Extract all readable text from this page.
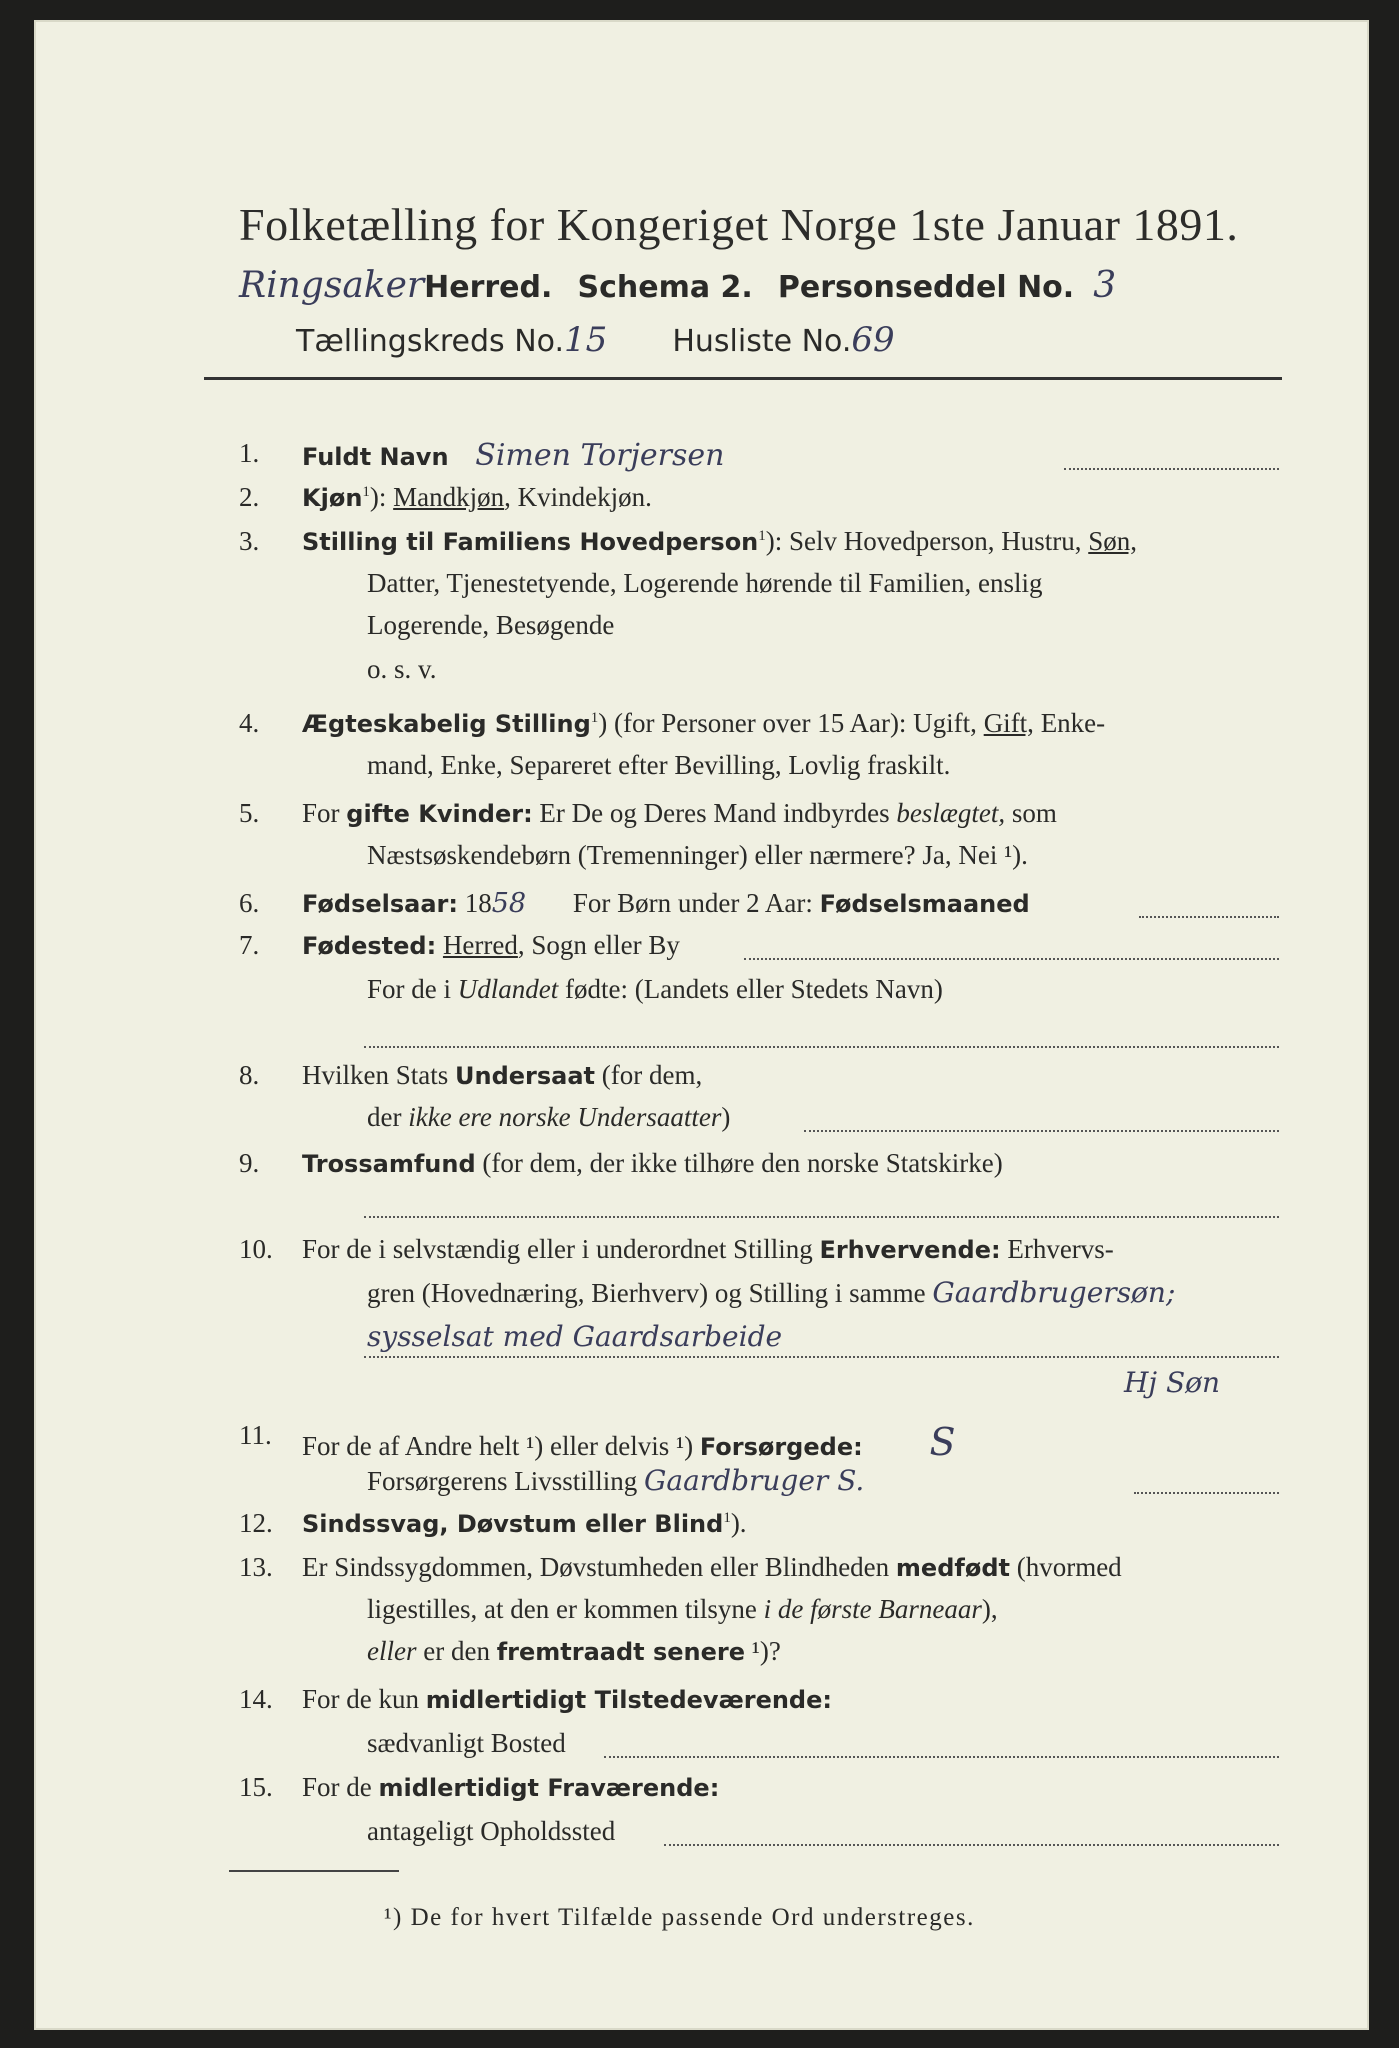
Folketælling for Kongeriget Norge 1ste Januar 1891.
RingsakerHerred. Schema 2. Personseddel No. 3
Tællingskreds No.15 Husliste No.69
1.	Fuldt Navn Simen Torjersen
2.	Kjøn$^1$): Mandkjøn, Kvindekjøn.
3.	Stilling til Familiens Hovedperson$^1$): Selv Hovedperson, Hustru, Søn,
Datter, Tjenestetyende, Logerende hørende til Familien, enslig
Logerende, Besøgende
o. s. v.
4.	Ægteskabelig Stilling$^1$) (for Personer over 15 Aar): Ugift, Gift, Enke-
mand, Enke, Separeret efter Bevilling, Lovlig fraskilt.
5.	For gifte Kvinder: Er De og Deres Mand indbyrdes beslægtet, som
Næstsøskendebørn (Tremenninger) eller nærmere? Ja, Nei ¹).
6.	Fødselsaar: 1858 For Børn under 2 Aar: Fødselsmaaned
7.	Fødested: Herred, Sogn eller By
For de i Udlandet fødte: (Landets eller Stedets Navn)
8.	Hvilken Stats Undersaat (for dem,
der ikke ere norske Undersaatter)
9.	Trossamfund (for dem, der ikke tilhøre den norske Statskirke)
10.	For de i selvstændig eller i underordnet Stilling Erhvervende: Erhvervs-
gren (Hovednæring, Bierhverv) og Stilling i samme Gaardbrugersøn;
sysselsat med Gaardsarbeide
Hj Søn
11.	For de af Andre helt ¹) eller delvis ¹) Forsørgede: S
Forsørgerens Livsstilling Gaardbruger S.
12.	Sindssvag, Døvstum eller Blind$^1$).
13.	Er Sindssygdommen, Døvstumheden eller Blindheden medfødt (hvormed
ligestilles, at den er kommen tilsyne i de første Barneaar),
eller er den fremtraadt senere ¹)?
14.	For de kun midlertidigt Tilstedeværende:
sædvanligt Bosted
15.	For de midlertidigt Fraværende:
antageligt Opholdssted
¹) De for hvert Tilfælde passende Ord understreges.
